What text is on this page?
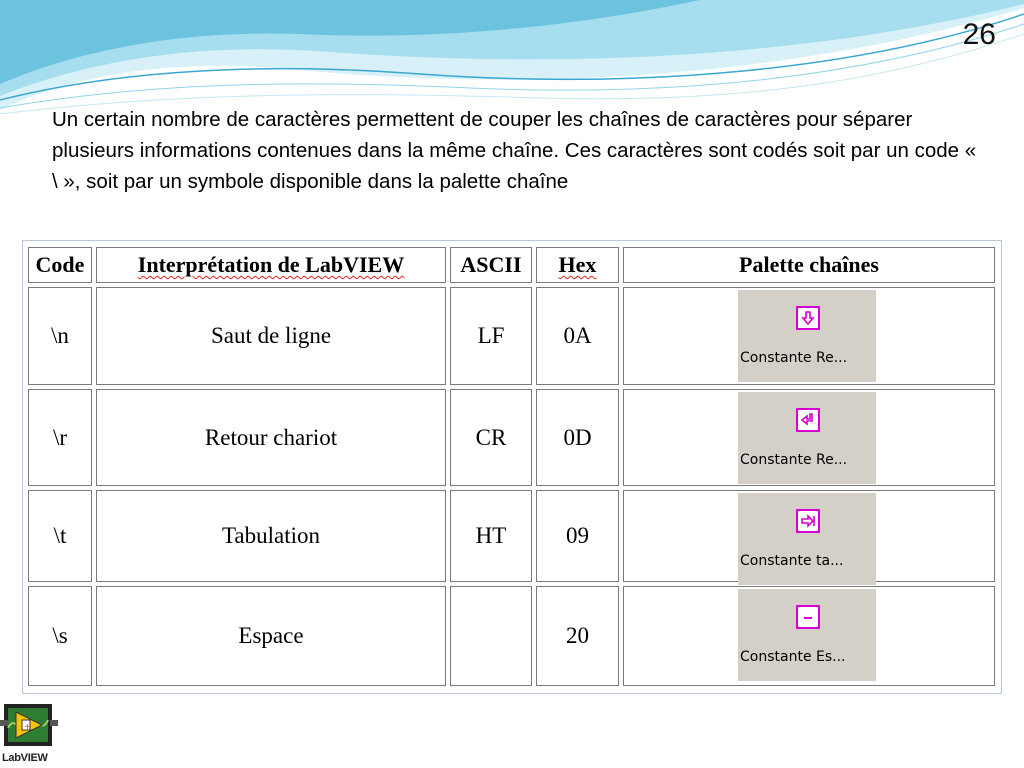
26
Un certain nombre de caractères permettent de couper les chaînes de caractères pour séparer plusieurs informations contenues dans la même chaîne. Ces caractères sont codés soit par un code « \ », soit par un symbole disponible dans la palette chaîne
Code	Interprétation de LabVIEW	ASCII	Hex	Palette chaînes
\n	Saut de ligne	LF	0A	Constante Re...

\r	Retour chariot	CR	0D	Constante Re...

\t	Tabulation	HT	09	Constante ta...

\s	Espace		20	Constante Es...
+
LabVIEW
